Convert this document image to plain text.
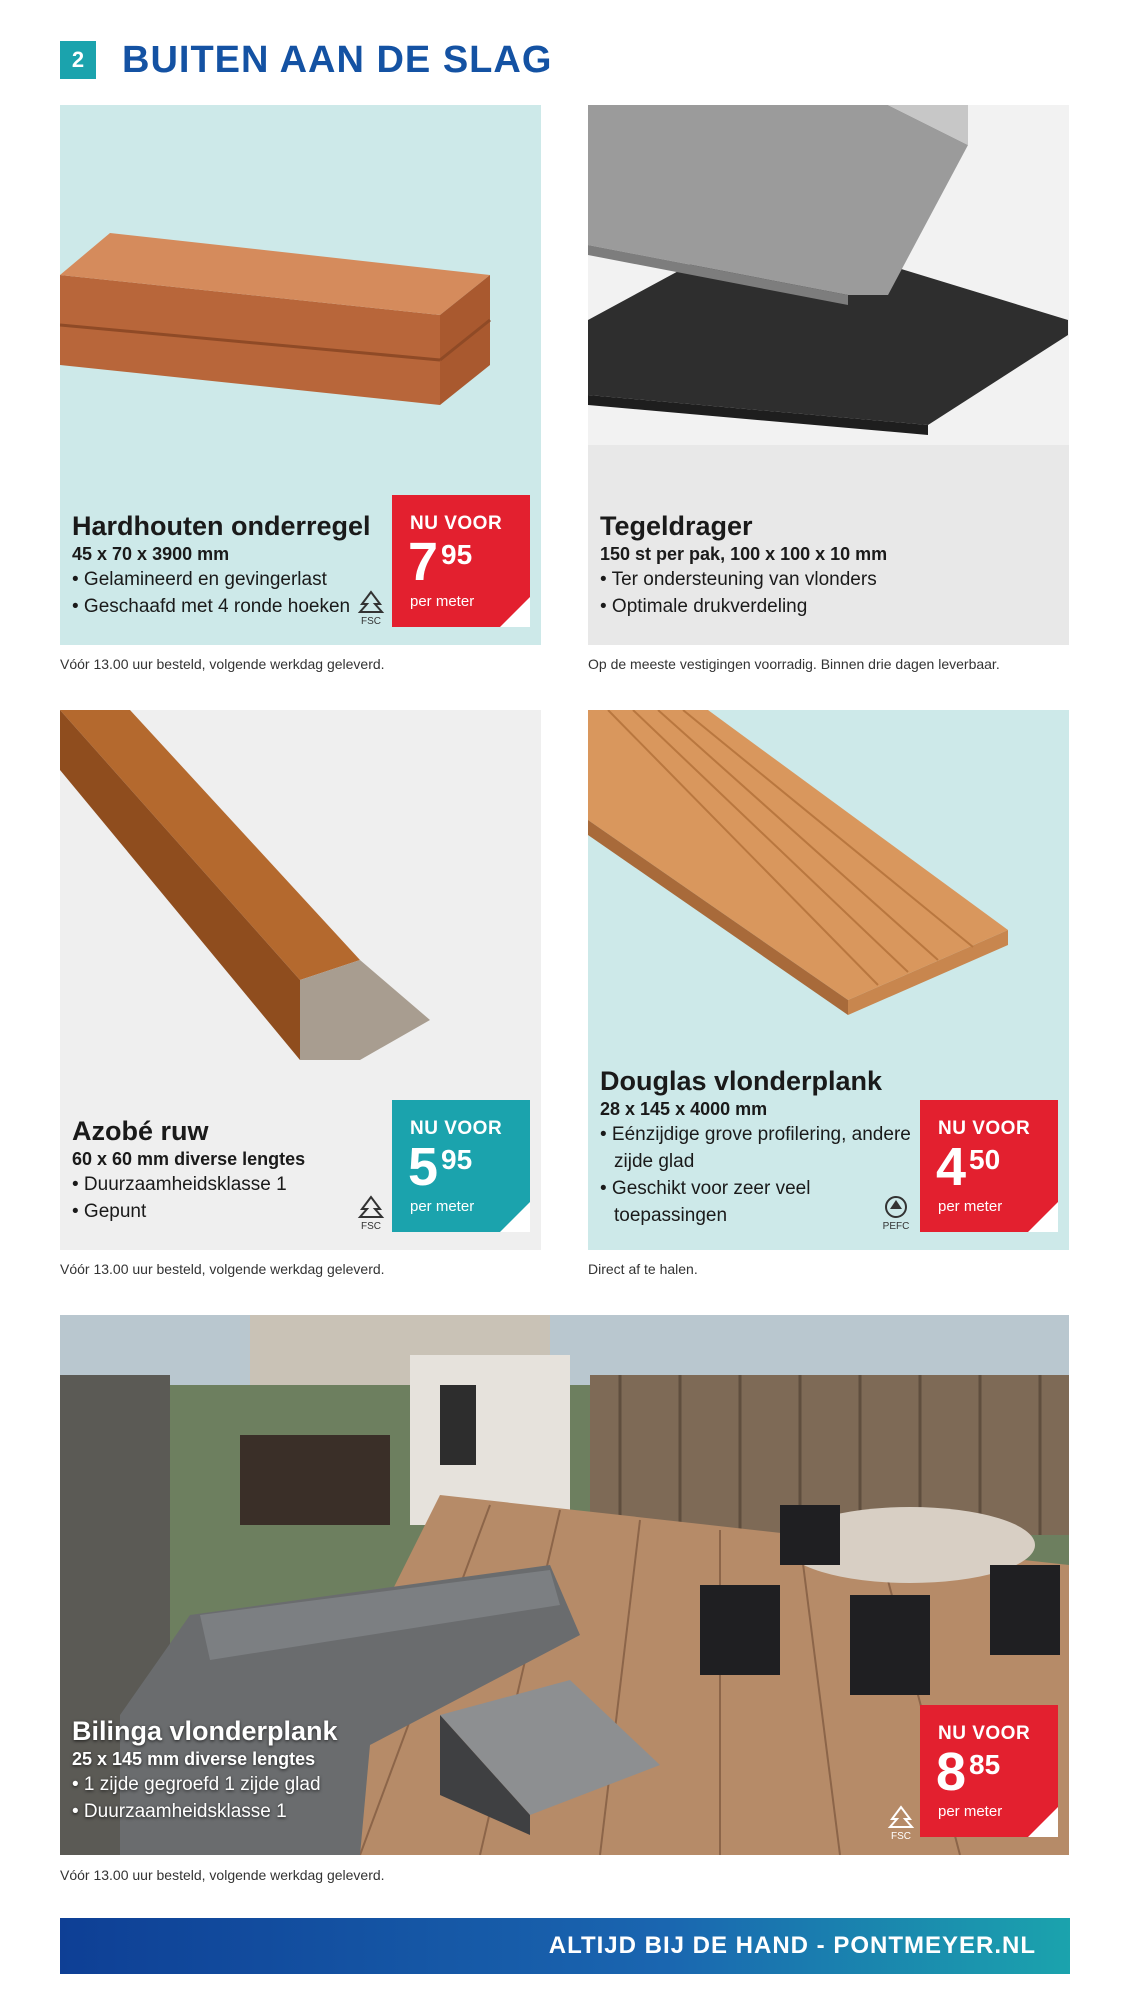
2 BUITEN AAN DE SLAG
Hardhouten onderregel
45 x 70 x 3900 mm
• Gelamineerd en gevingerlast
• Geschaafd met 4 ronde hoeken
FSC
NU VOOR
7 95
per meter
Vóór 13.00 uur besteld, volgende werkdag geleverd.
Tegeldrager
150 st per pak, 100 x 100 x 10 mm
• Ter ondersteuning van vlonders
• Optimale drukverdeling
Op de meeste vestigingen voorradig. Binnen drie dagen leverbaar.
Azobé ruw
60 x 60 mm diverse lengtes
• Duurzaamheidsklasse 1
• Gepunt
FSC
NU VOOR
5 95
per meter
Vóór 13.00 uur besteld, volgende werkdag geleverd.
Douglas vlonderplank
28 x 145 x 4000 mm
• Eénzijdige grove profilering, andere
zijde glad
• Geschikt voor zeer veel
toepassingen
PEFC
NU VOOR
4 50
per meter
Direct af te halen.
Bilinga vlonderplank
25 x 145 mm diverse lengtes
• 1 zijde gegroefd 1 zijde glad
• Duurzaamheidsklasse 1
FSC
NU VOOR
8 85
per meter
Vóór 13.00 uur besteld, volgende werkdag geleverd.
ALTIJD BIJ DE HAND - PONTMEYER.NL
